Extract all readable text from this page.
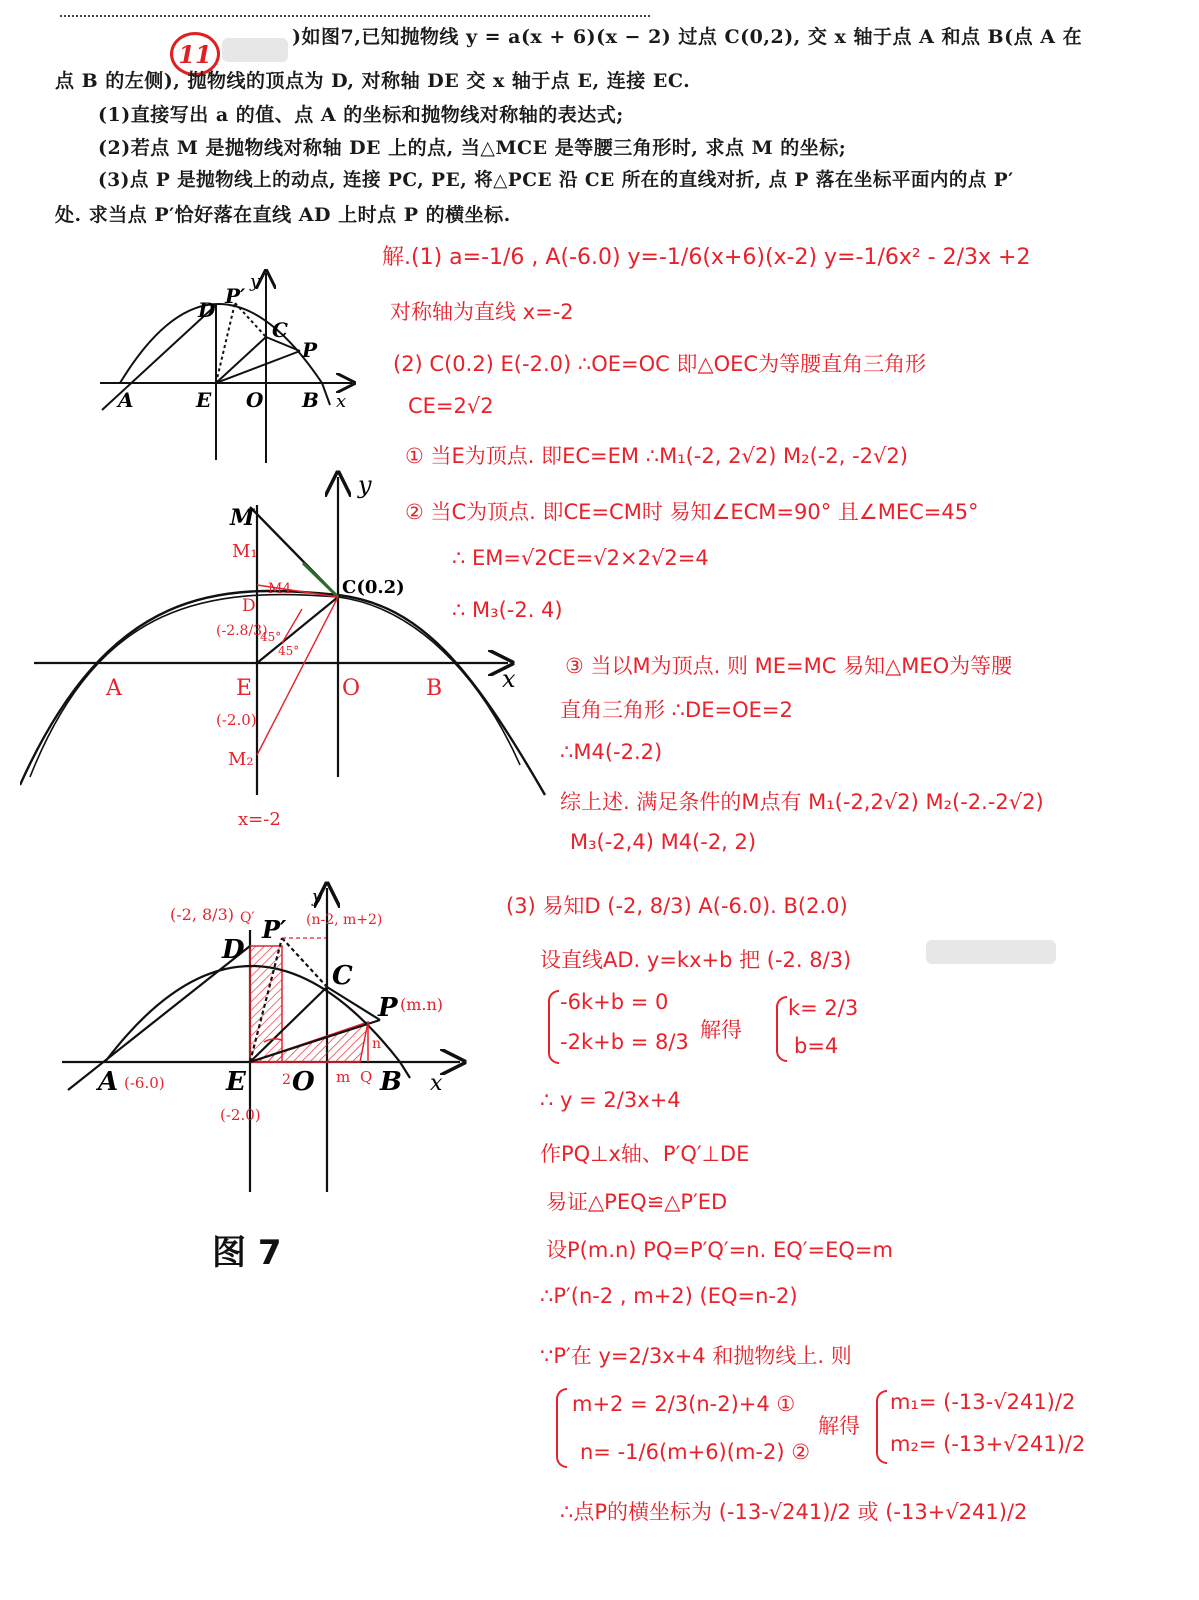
11
)如图7,已知抛物线 y = a(x + 6)(x − 2) 过点 C(0,2), 交 x 轴于点 A 和点 B(点 A 在
点 B 的左侧), 抛物线的顶点为 D, 对称轴 DE 交 x 轴于点 E, 连接 EC.
(1)直接写出 a 的值、点 A 的坐标和抛物线对称轴的表达式;
(2)若点 M 是抛物线对称轴 DE 上的点, 当△MCE 是等腰三角形时, 求点 M 的坐标;
(3)点 P 是抛物线上的动点, 连接 PC, PE, 将△PCE 沿 CE 所在的直线对折, 点 P 落在坐标平面内的点 P′
处. 求当点 P′恰好落在直线 AD 上时点 P 的横坐标.
D
P′
y
C
P
A	E O B x
M
y
M₁
M4	C(0.2)
D
(-2.8/3)
45°
45°
x
A	E	O	B
(-2.0)
M₂
x=-2
(-2, 8/3) Q′ P′ (n-2, m+2)
y
D
C
P (m.n)
A (-6.0) E
(-2.0)
2 O m Q
n
B x
图 7
解.(1) a=-1/6 , A(-6.0) y=-1/6(x+6)(x-2) y=-1/6x² - 2/3x +2
对称轴为直线 x=-2
(2) C(0.2) E(-2.0) ∴OE=OC 即△OEC为等腰直角三角形
CE=2√2
① 当E为顶点. 即EC=EM ∴M₁(-2, 2√2) M₂(-2, -2√2)
② 当C为顶点. 即CE=CM时 易知∠ECM=90° 且∠MEC=45°
∴ EM=√2CE=√2×2√2=4
∴ M₃(-2. 4)
③ 当以M为顶点. 则 ME=MC 易知△MEO为等腰
直角三角形 ∴DE=OE=2
∴M4(-2.2)
综上述. 满足条件的M点有 M₁(-2,2√2) M₂(-2.-2√2)
M₃(-2,4) M4(-2, 2)
(3) 易知D (-2, 8/3) A(-6.0). B(2.0)
设直线AD. y=kx+b 把 (-2. 8/3)
-6k+b = 0
-2k+b = 8/3 解得
k= 2/3
b=4
∴ y = 2/3x+4
作PQ⊥x轴、P′Q′⊥DE
易证△PEQ≌△P′ED
设P(m.n) PQ=P′Q′=n. EQ′=EQ=m
∴P′(n-2 , m+2) (EQ=n-2)
∵P′在 y=2/3x+4 和抛物线上. 则
m+2 = 2/3(n-2)+4 ①
n= -1/6(m+6)(m-2) ②
解得
m₁= (-13-√241)/2
m₂= (-13+√241)/2
∴点P的横坐标为 (-13-√241)/2 或 (-13+√241)/2
